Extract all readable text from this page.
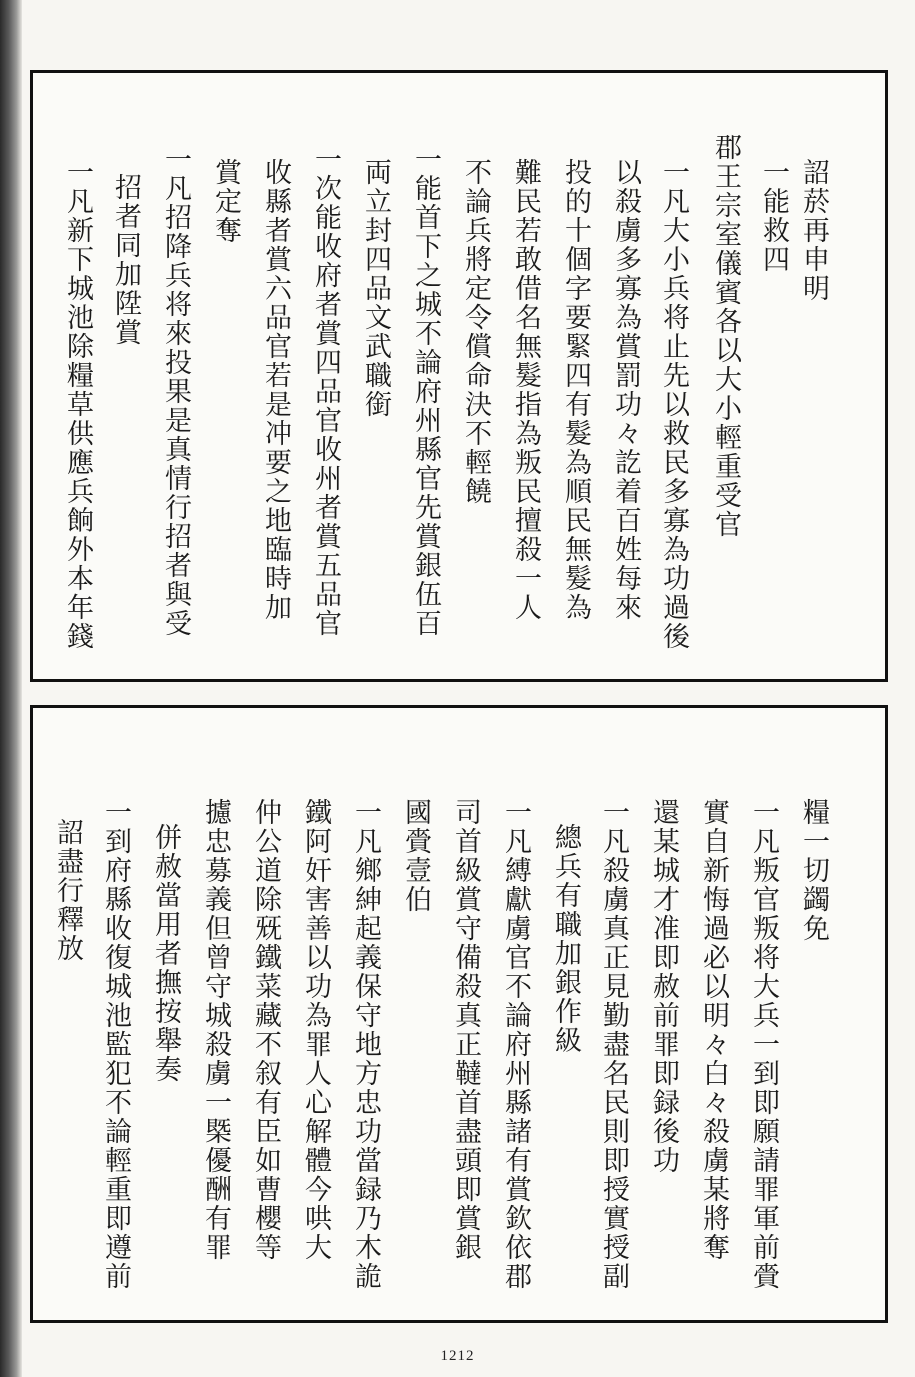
詔菸再申明
一能救四
郡王宗室儀賓各以大小輕重受官
一凡大小兵将止先以救民多寡為功過後
以殺虜多寡為賞罰功々訖着百姓每來
投的十個字要緊四有髮為順民無髮為
難民若敢借名無髮指為叛民擅殺一人
不論兵將定令償命決不輕饒
一能首下之城不論府州縣官先賞銀伍百
両立封四品文武職銜
一次能收府者賞四品官收州者賞五品官
收縣者賞六品官若是冲要之地臨時加
賞定奪
一凡招降兵将來投果是真情行招者與受
招者同加陞賞
一凡新下城池除糧草供應兵餉外本年錢
糧一切蠲免
一凡叛官叛将大兵一到即願請罪軍前賫
實自新悔過必以明々白々殺虜某將奪
還某城才准即赦前罪即録後功
一凡殺虜真正見勤盡名民則即授實授副
總兵有職加銀作級
一凡縛獻虜官不論府州縣諸有賞欽依郡
司首級賞守備殺真正韃首盡頭即賞銀
國賫壹伯
一凡鄉紳起義保守地方忠功當録乃木詭
鐵阿奸害善以功為罪人心解體今哄大
仲公道除兓鐵菜藏不叙有臣如曹櫻等
攄忠募義但曾守城殺虜一槩優酬有罪
併赦當用者撫按舉奏
一到府縣收復城池監犯不論輕重即遵前
詔盡行釋放
1212
